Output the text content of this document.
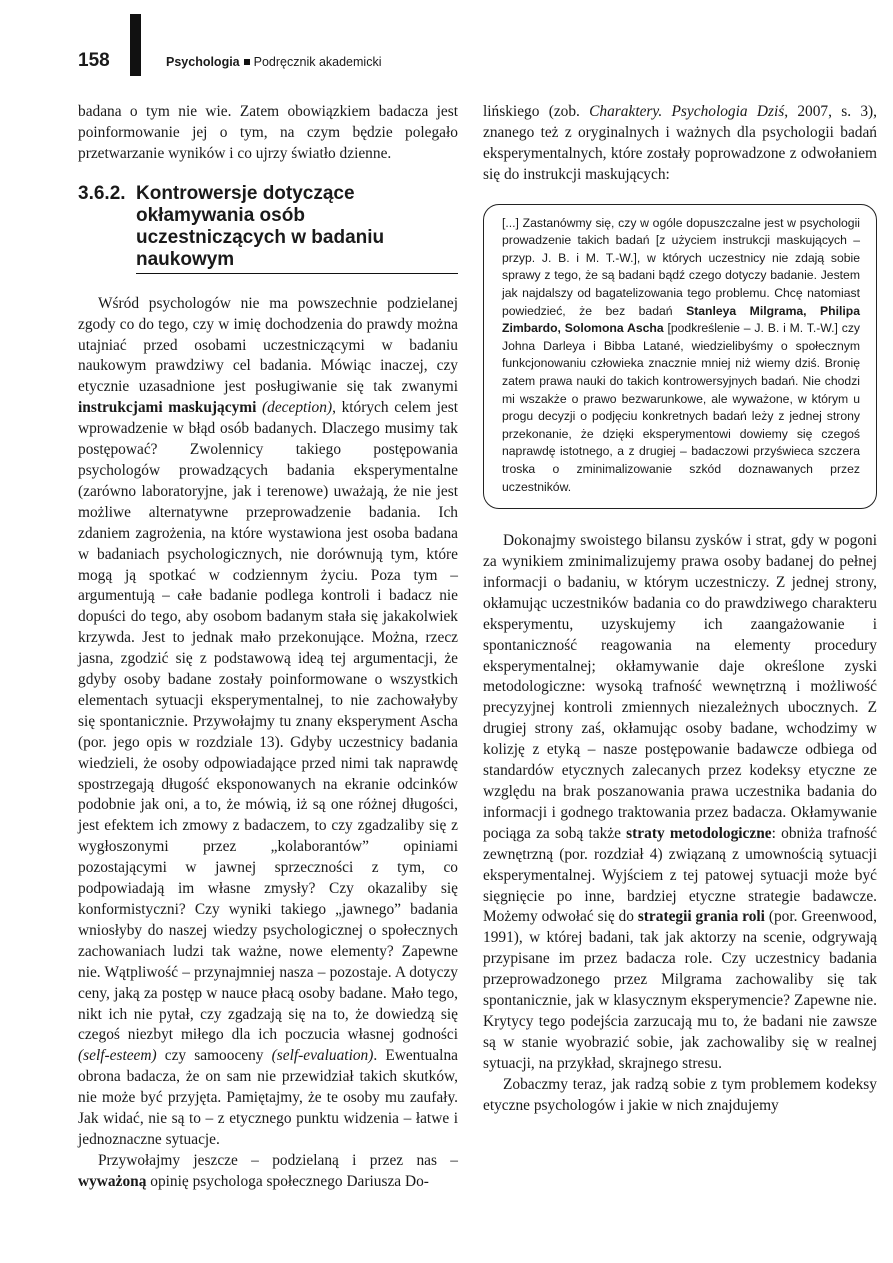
158	Psychologia Podręcznik akademicki

badana o tym nie wie. Zatem obowiązkiem badacza jest poinformowanie jej o tym, na czym będzie polegało przetwarzanie wyników i co ujrzy światło dzienne.

3.6.2. Kontrowersje dotyczące okłamywania osób uczestniczących w badaniu naukowym

Wśród psychologów nie ma powszechnie podzielanej zgody co do tego, czy w imię dochodzenia do prawdy można utajniać przed osobami uczestniczącymi w badaniu naukowym prawdziwy cel badania. Mówiąc inaczej, czy etycznie uzasadnione jest posługiwanie się tak zwanymi instrukcjami maskującymi (deception), których celem jest wprowadzenie w błąd osób badanych. Dlaczego musimy tak postępować? Zwolennicy takiego postępowania psychologów prowadzących badania eksperymentalne (zarówno laboratoryjne, jak i terenowe) uważają, że nie jest możliwe alternatywne przeprowadzenie badania. Ich zdaniem zagrożenia, na które wystawiona jest osoba badana w badaniach psychologicznych, nie dorównują tym, które mogą ją spotkać w codziennym życiu. Poza tym – argumentują – całe badanie podlega kontroli i badacz nie dopuści do tego, aby osobom badanym stała się jakakolwiek krzywda. Jest to jednak mało przekonujące. Można, rzecz jasna, zgodzić się z podstawową ideą tej argumentacji, że gdyby osoby badane zostały poinformowane o wszystkich elementach sytuacji eksperymentalnej, to nie zachowałyby się spontanicznie. Przywołajmy tu znany eksperyment Ascha (por. jego opis w rozdziale 13). Gdyby uczestnicy badania wiedzieli, że osoby odpowiadające przed nimi tak naprawdę spostrzegają długość eksponowanych na ekranie odcinków podobnie jak oni, a to, że mówią, iż są one różnej długości, jest efektem ich zmowy z badaczem, to czy zgadzaliby się z wygłoszonymi przez „kolaborantów” opiniami pozostającymi w jawnej sprzeczności z tym, co podpowiadają im własne zmysły? Czy okazaliby się konformistyczni? Czy wyniki takiego „jawnego” badania wniosłyby do naszej wiedzy psychologicznej o społecznych zachowaniach ludzi tak ważne, nowe elementy? Zapewne nie. Wątpliwość – przynajmniej nasza – pozostaje. A dotyczy ceny, jaką za postęp w nauce płacą osoby badane. Mało tego, nikt ich nie pytał, czy zgadzają się na to, że dowiedzą się czegoś niezbyt miłego dla ich poczucia własnej godności (self-esteem) czy samooceny (self-evaluation). Ewentualna obrona badacza, że on sam nie przewidział takich skutków, nie może być przyjęta. Pamiętajmy, że te osoby mu zaufały. Jak widać, nie są to – z etycznego punktu widzenia – łatwe i jednoznaczne sytuacje.

Przywołajmy jeszcze – podzielaną i przez nas – wyważoną opinię psychologa społecznego Dariusza Do-

lińskiego (zob. Charaktery. Psychologia Dziś, 2007, s. 3), znanego też z oryginalnych i ważnych dla psychologii badań eksperymentalnych, które zostały poprowadzone z odwołaniem się do instrukcji maskujących:

[...] Zastanówmy się, czy w ogóle dopuszczalne jest w psychologii prowadzenie takich badań [z użyciem instrukcji maskujących – przyp. J. B. i M. T.-W.], w których uczestnicy nie zdają sobie sprawy z tego, że są badani bądź czego dotyczy badanie. Jestem jak najdalszy od bagatelizowania tego problemu. Chcę natomiast powiedzieć, że bez badań Stanleya Milgrama, Philipa Zimbardo, Solomona Ascha [podkreślenie – J. B. i M. T.-W.] czy Johna Darleya i Bibba Latané, wiedzielibyśmy o społecznym funkcjonowaniu człowieka znacznie mniej niż wiemy dziś. Bronię zatem prawa nauki do takich kontrowersyjnych badań. Nie chodzi mi wszakże o prawo bezwarunkowe, ale wyważone, w którym u progu decyzji o podjęciu konkretnych badań leży z jednej strony przekonanie, że dzięki eksperymentowi dowiemy się czegoś naprawdę istotnego, a z drugiej – badaczowi przyświeca szczera troska o zminimalizowanie szkód doznawanych przez uczestników.

Dokonajmy swoistego bilansu zysków i strat, gdy w pogoni za wynikiem zminimalizujemy prawa osoby badanej do pełnej informacji o badaniu, w którym uczestniczy. Z jednej strony, okłamując uczestników badania co do prawdziwego charakteru eksperymentu, uzyskujemy ich zaangażowanie i spontaniczność reagowania na elementy procedury eksperymentalnej; okłamywanie daje określone zyski metodologiczne: wysoką trafność wewnętrzną i możliwość precyzyjnej kontroli zmiennych niezależnych ubocznych. Z drugiej strony zaś, okłamując osoby badane, wchodzimy w kolizję z etyką – nasze postępowanie badawcze odbiega od standardów etycznych zalecanych przez kodeksy etyczne ze względu na brak poszanowania prawa uczestnika badania do informacji i godnego traktowania przez badacza. Okłamywanie pociąga za sobą także straty metodologiczne: obniża trafność zewnętrzną (por. rozdział 4) związaną z umownością sytuacji eksperymentalnej. Wyjściem z tej patowej sytuacji może być sięgnięcie po inne, bardziej etyczne strategie badawcze. Możemy odwołać się do strategii grania roli (por. Greenwood, 1991), w której badani, tak jak aktorzy na scenie, odgrywają przypisane im przez badacza role. Czy uczestnicy badania przeprowadzonego przez Milgrama zachowaliby się tak spontanicznie, jak w klasycznym eksperymencie? Zapewne nie. Krytycy tego podejścia zarzucają mu to, że badani nie zawsze są w stanie wyobrazić sobie, jak zachowaliby się w realnej sytuacji, na przykład, skrajnego stresu.

Zobaczmy teraz, jak radzą sobie z tym problemem kodeksy etyczne psychologów i jakie w nich znajdujemy
